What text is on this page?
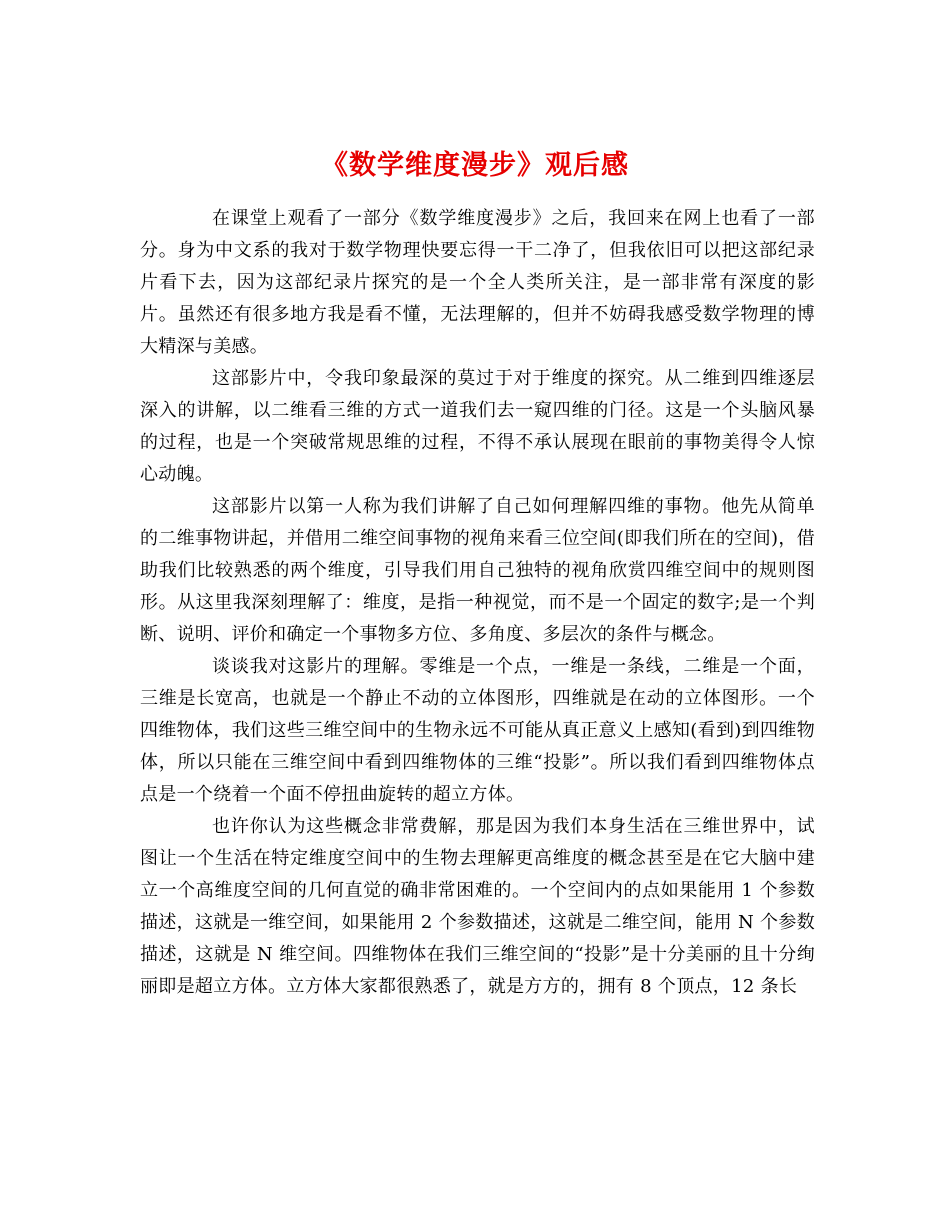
《数学维度漫步》观后感

在课堂上观看了一部分《数学维度漫步》之后，我回来在网上也看了一部分。身为中文系的我对于数学物理快要忘得一干二净了，但我依旧可以把这部纪录片看下去，因为这部纪录片探究的是一个全人类所关注，是一部非常有深度的影片。虽然还有很多地方我是看不懂，无法理解的，但并不妨碍我感受数学物理的博大精深与美感。

这部影片中，令我印象最深的莫过于对于维度的探究。从二维到四维逐层深入的讲解，以二维看三维的方式一道我们去一窥四维的门径。这是一个头脑风暴的过程，也是一个突破常规思维的过程，不得不承认展现在眼前的事物美得令人惊心动魄。

这部影片以第一人称为我们讲解了自己如何理解四维的事物。他先从简单的二维事物讲起，并借用二维空间事物的视角来看三位空间(即我们所在的空间)，借助我们比较熟悉的两个维度，引导我们用自己独特的视角欣赏四维空间中的规则图形。从这里我深刻理解了：维度，是指一种视觉，而不是一个固定的数字;是一个判断、说明、评价和确定一个事物多方位、多角度、多层次的条件与概念。

谈谈我对这影片的理解。零维是一个点，一维是一条线，二维是一个面，三维是长宽高，也就是一个静止不动的立体图形，四维就是在动的立体图形。一个四维物体，我们这些三维空间中的生物永远不可能从真正意义上感知(看到)到四维物体，所以只能在三维空间中看到四维物体的三维“投影”。所以我们看到四维物体点点是一个绕着一个面不停扭曲旋转的超立方体。

也许你认为这些概念非常费解，那是因为我们本身生活在三维世界中，试图让一个生活在特定维度空间中的生物去理解更高维度的概念甚至是在它大脑中建立一个高维度空间的几何直觉的确非常困难的。一个空间内的点如果能用 1 个参数描述，这就是一维空间，如果能用 2 个参数描述，这就是二维空间，能用 N 个参数描述，这就是 N 维空间。四维物体在我们三维空间的“投影”是十分美丽的且十分绚丽即是超立方体。立方体大家都很熟悉了，就是方方的，拥有 8 个顶点，12 条长
